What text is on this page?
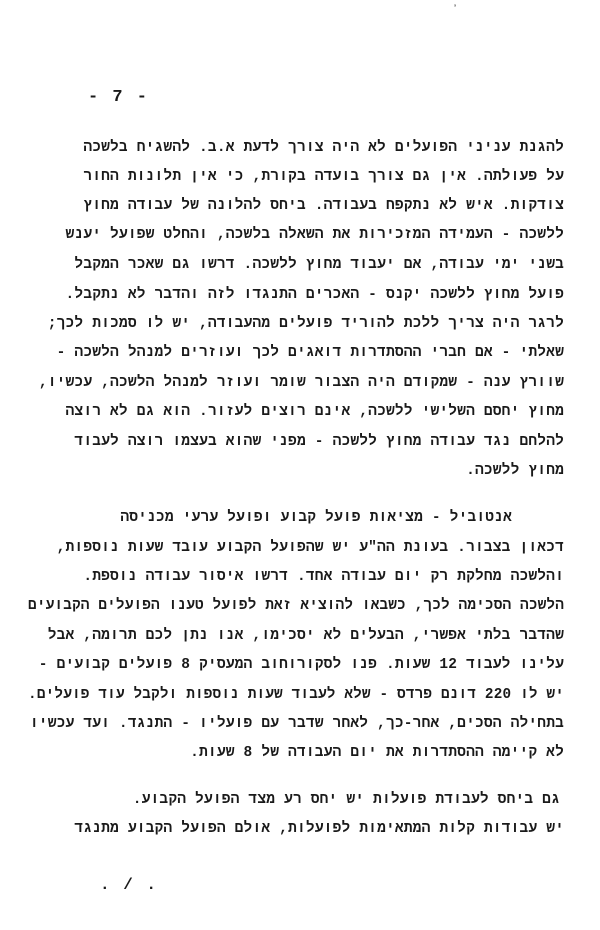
ʼ
- 7 -
להגנת עניני הפועלים לא היה צורך לדעת א.ב. להשגיח בלשכה
על פעולתה. אין גם צורך בועדה בקורת, כי אין תלונות החור
צודקות. איש לא נתקפח בעבודה. ביחס להלונה של עבודה מחוץ
ללשכה - העמידה המזכירות את השאלה בלשכה, והחלט שפועל יענש
בשני ימי עבודה, אם יעבוד מחוץ ללשכה. דרשו גם שאכר המקבל
פועל מחוץ ללשכה יקנס - האכרים התנגדו לזה והדבר לא נתקבל.
לרגר היה צריך ללכת להוריד פועלים מהעבודה, יש לו סמכות לכך;
שאלתי - אם חברי ההסתדרות דואגים לכך ועוזרים למנהל הלשכה -
שוורץ ענה - שמקודם היה הצבור שומר ועוזר למנהל הלשכה, עכשיו,
מחוץ יחסם השלישי ללשכה, אינם רוצים לעזור. הוא גם לא רוצה
להלחם נגד עבודה מחוץ ללשכה - מפני שהוא בעצמו רוצה לעבוד
מחוץ ללשכה.
אנטוביל - מציאות פועל קבוע ופועל ערעי מכניסה
דכאון בצבור. בעונת הה"ע יש שהפועל הקבוע עובד שעות נוספות,
והלשכה מחלקת רק יום עבודה אחד. דרשו איסור עבודה נוספת.
הלשכה הסכימה לכך, כשבאו להוציא זאת לפועל טענו הפועלים הקבועים
שהדבר בלתי אפשרי, הבעלים לא יסכימו, אנו נתן לכם תרומה, אבל
עלינו לעבוד 12 שעות. פנו לסקורוחוב המעסיק 8 פועלים קבועים -
יש לו 220 דונם פרדס - שלא לעבוד שעות נוספות ולקבל עוד פועלים.
בתחילה הסכים, אחר-כך, לאחר שדבר עם פועליו - התנגד. ועד עכשיו
לא קיימה ההסתדרות את יום העבודה של 8 שעות.
גם ביחס לעבודת פועלות יש יחס רע מצד הפועל הקבוע.
יש עבודות קלות המתאימות לפועלות, אולם הפועל הקבוע מתנגד
. / .
